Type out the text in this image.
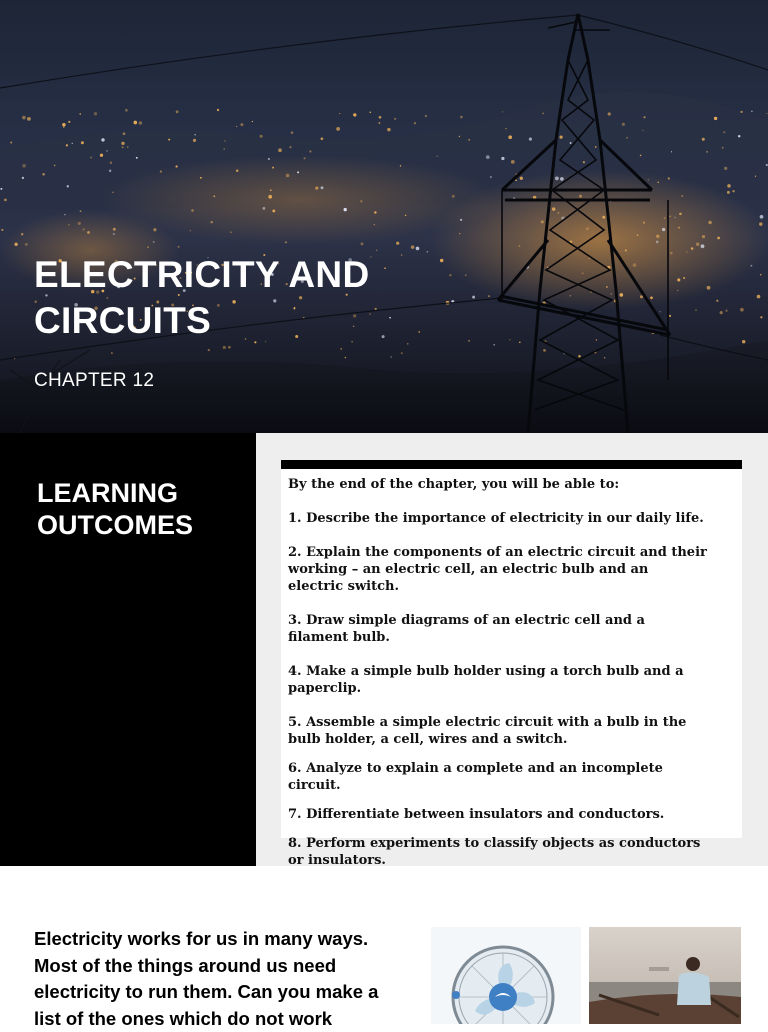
ELECTRICITY AND
CIRCUITS
CHAPTER 12
LEARNING
OUTCOMES

By the end of the chapter, you will be able to:

1. Describe the importance of electricity in our daily life.

2. Explain the components of an electric circuit and their working – an electric cell, an electric bulb and an electric switch.

3. Draw simple diagrams of an electric cell and a filament bulb.

4. Make a simple bulb holder using a torch bulb and a paperclip.

5. Assemble a simple electric circuit with a bulb in the bulb holder, a cell, wires and a switch.

6. Analyze to explain a complete and an incomplete circuit.

7. Differentiate between insulators and conductors.

8. Perform experiments to classify objects as conductors or insulators.

Electricity works for us in many ways. Most of the things around us need electricity to run them. Can you make a list of the ones which do not work
